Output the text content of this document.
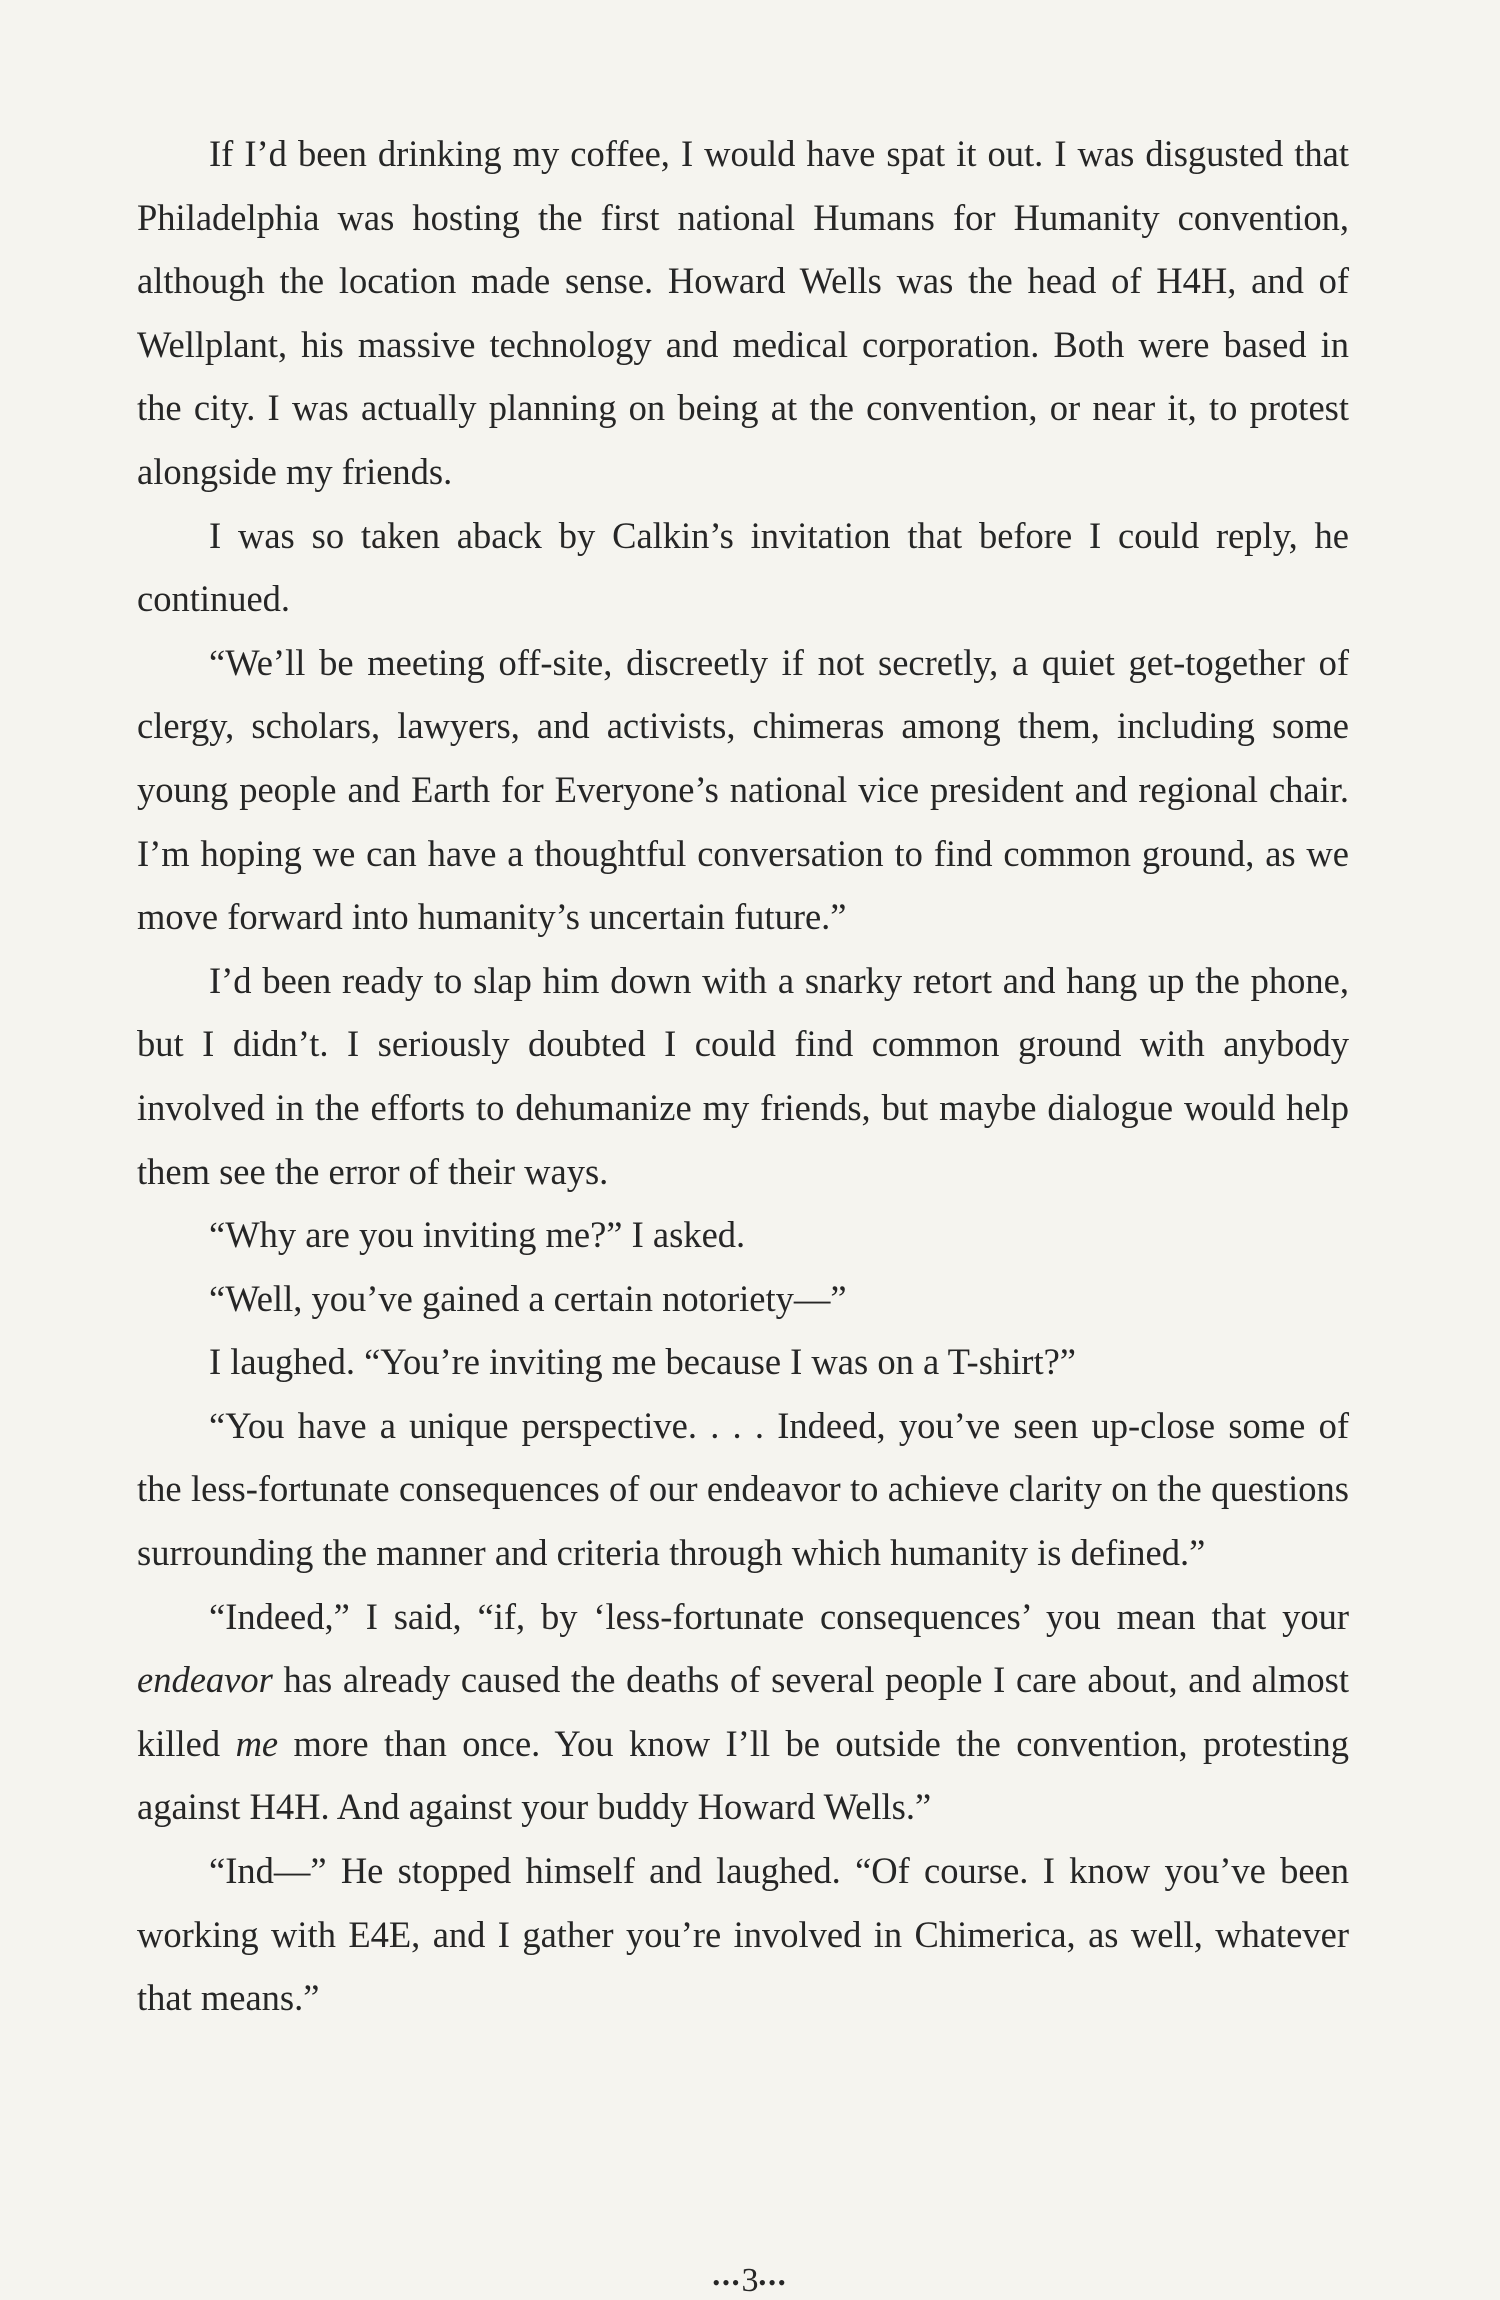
If I’d been drinking my coffee, I would have spat it out. I was disgusted that Philadelphia was hosting the first national Humans for Humanity convention, although the location made sense. Howard Wells was the head of H4H, and of Wellplant, his massive technology and medical corporation. Both were based in the city. I was actually planning on being at the convention, or near it, to protest alongside my friends.

I was so taken aback by Calkin’s invitation that before I could reply, he continued.

“We’ll be meeting off-site, discreetly if not secretly, a quiet get-together of clergy, scholars, lawyers, and activists, chimeras among them, including some young people and Earth for Everyone’s national vice president and regional chair. I’m hoping we can have a thoughtful conversation to find common ground, as we move forward into humanity’s uncertain future.”

I’d been ready to slap him down with a snarky retort and hang up the phone, but I didn’t. I seriously doubted I could find common ground with anybody involved in the efforts to dehumanize my friends, but maybe dialogue would help them see the error of their ways.

“Why are you inviting me?” I asked.

“Well, you’ve gained a certain notoriety—”

I laughed. “You’re inviting me because I was on a T-shirt?”

“You have a unique perspective. . . . Indeed, you’ve seen up-close some of the less-fortunate consequences of our endeavor to achieve clarity on the questions surrounding the manner and criteria through which humanity is defined.”

“Indeed,” I said, “if, by ‘less-fortunate consequences’ you mean that your endeavor has already caused the deaths of several people I care about, and almost killed me more than once. You know I’ll be outside the convention, protesting against H4H. And against your buddy Howard Wells.”

“Ind—” He stopped himself and laughed. “Of course. I know you’ve been working with E4E, and I gather you’re involved in Chimerica, as well, whatever that means.”

•••3•••
